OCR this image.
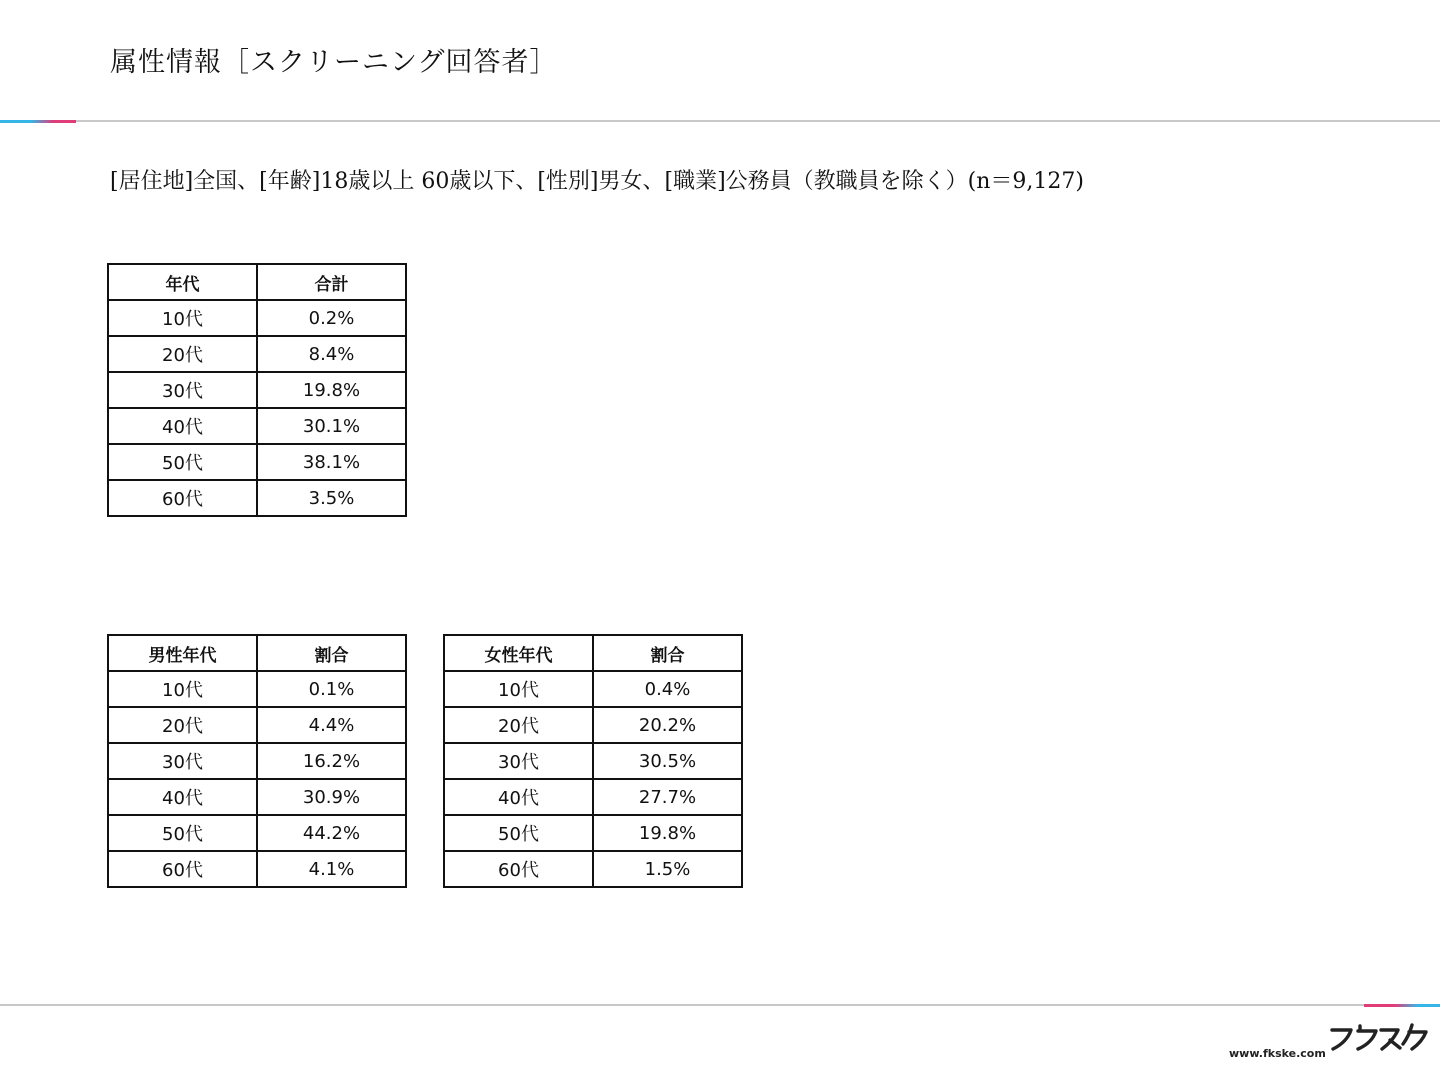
属性情報［スクリーニング回答者］
[居住地]全国、[年齢]18歳以上 60歳以下、[性別]男女、[職業]公務員（教職員を除く）(n＝9,127)
年代	合計
10代	0.2%
20代	8.4%
30代	19.8%
40代	30.1%
50代	38.1%
60代	3.5%
男性年代	割合
10代	0.1%
20代	4.4%
30代	16.2%
40代	30.9%
50代	44.2%
60代	4.1%
女性年代	割合
10代	0.4%
20代	20.2%
30代	30.5%
40代	27.7%
50代	19.8%
60代	1.5%
www.fkske.com
